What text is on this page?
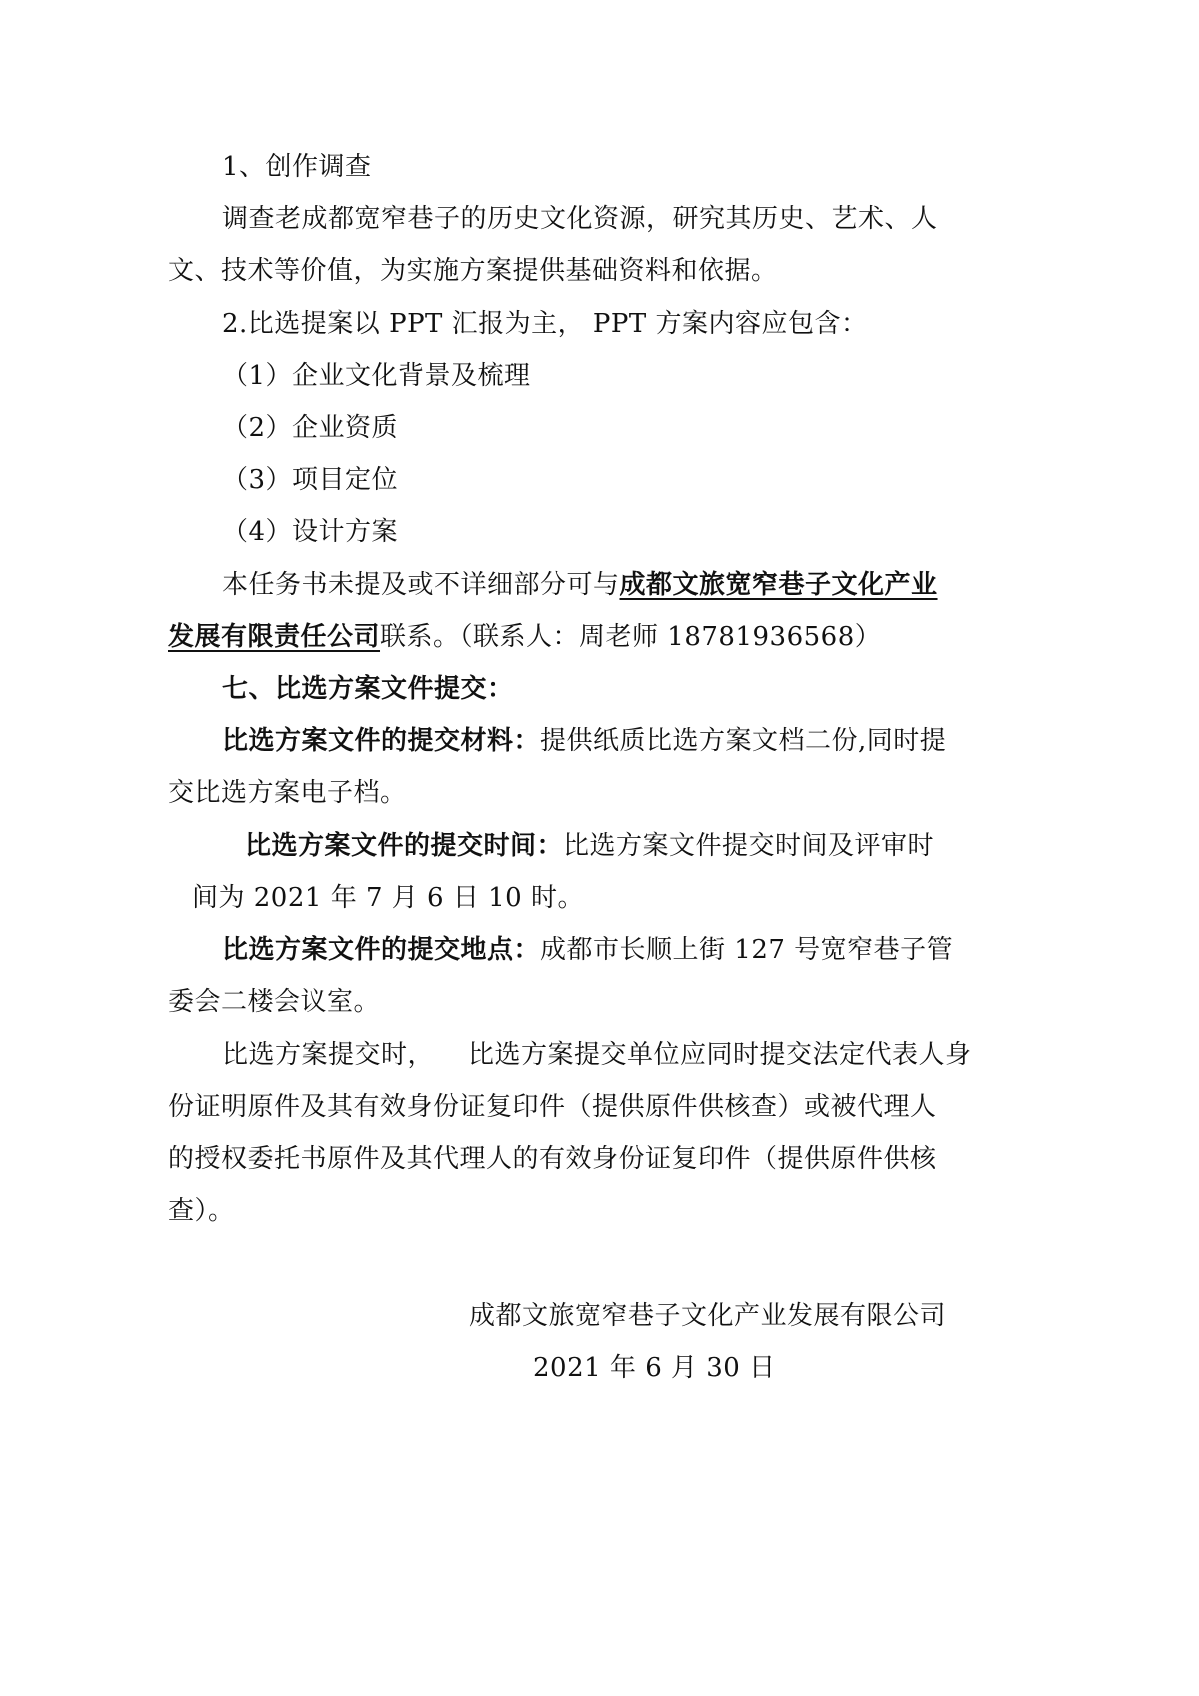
1、创作调查
调查老成都宽窄巷子的历史文化资源，研究其历史、艺术、人
文、技术等价值，为实施方案提供基础资料和依据。
2.比选提案以 PPT 汇报为主， PPT 方案内容应包含：
（1）企业文化背景及梳理
（2）企业资质
（3）项目定位
（4）设计方案
本任务书未提及或不详细部分可与成都文旅宽窄巷子文化产业
发展有限责任公司联系。（联系人：周老师 18781936568）
七、比选方案文件提交：
比选方案文件的提交材料：提供纸质比选方案文档二份,同时提
交比选方案电子档。
比选方案文件的提交时间：比选方案文件提交时间及评审时
间为 2021 年 7 月 6 日 10 时。
比选方案文件的提交地点：成都市长顺上街 127 号宽窄巷子管
委会二楼会议室。
比选方案提交时， 比选方案提交单位应同时提交法定代表人身
份证明原件及其有效身份证复印件（提供原件供核查）或被代理人
的授权委托书原件及其代理人的有效身份证复印件（提供原件供核
查）。
成都文旅宽窄巷子文化产业发展有限公司
2021 年 6 月 30 日
